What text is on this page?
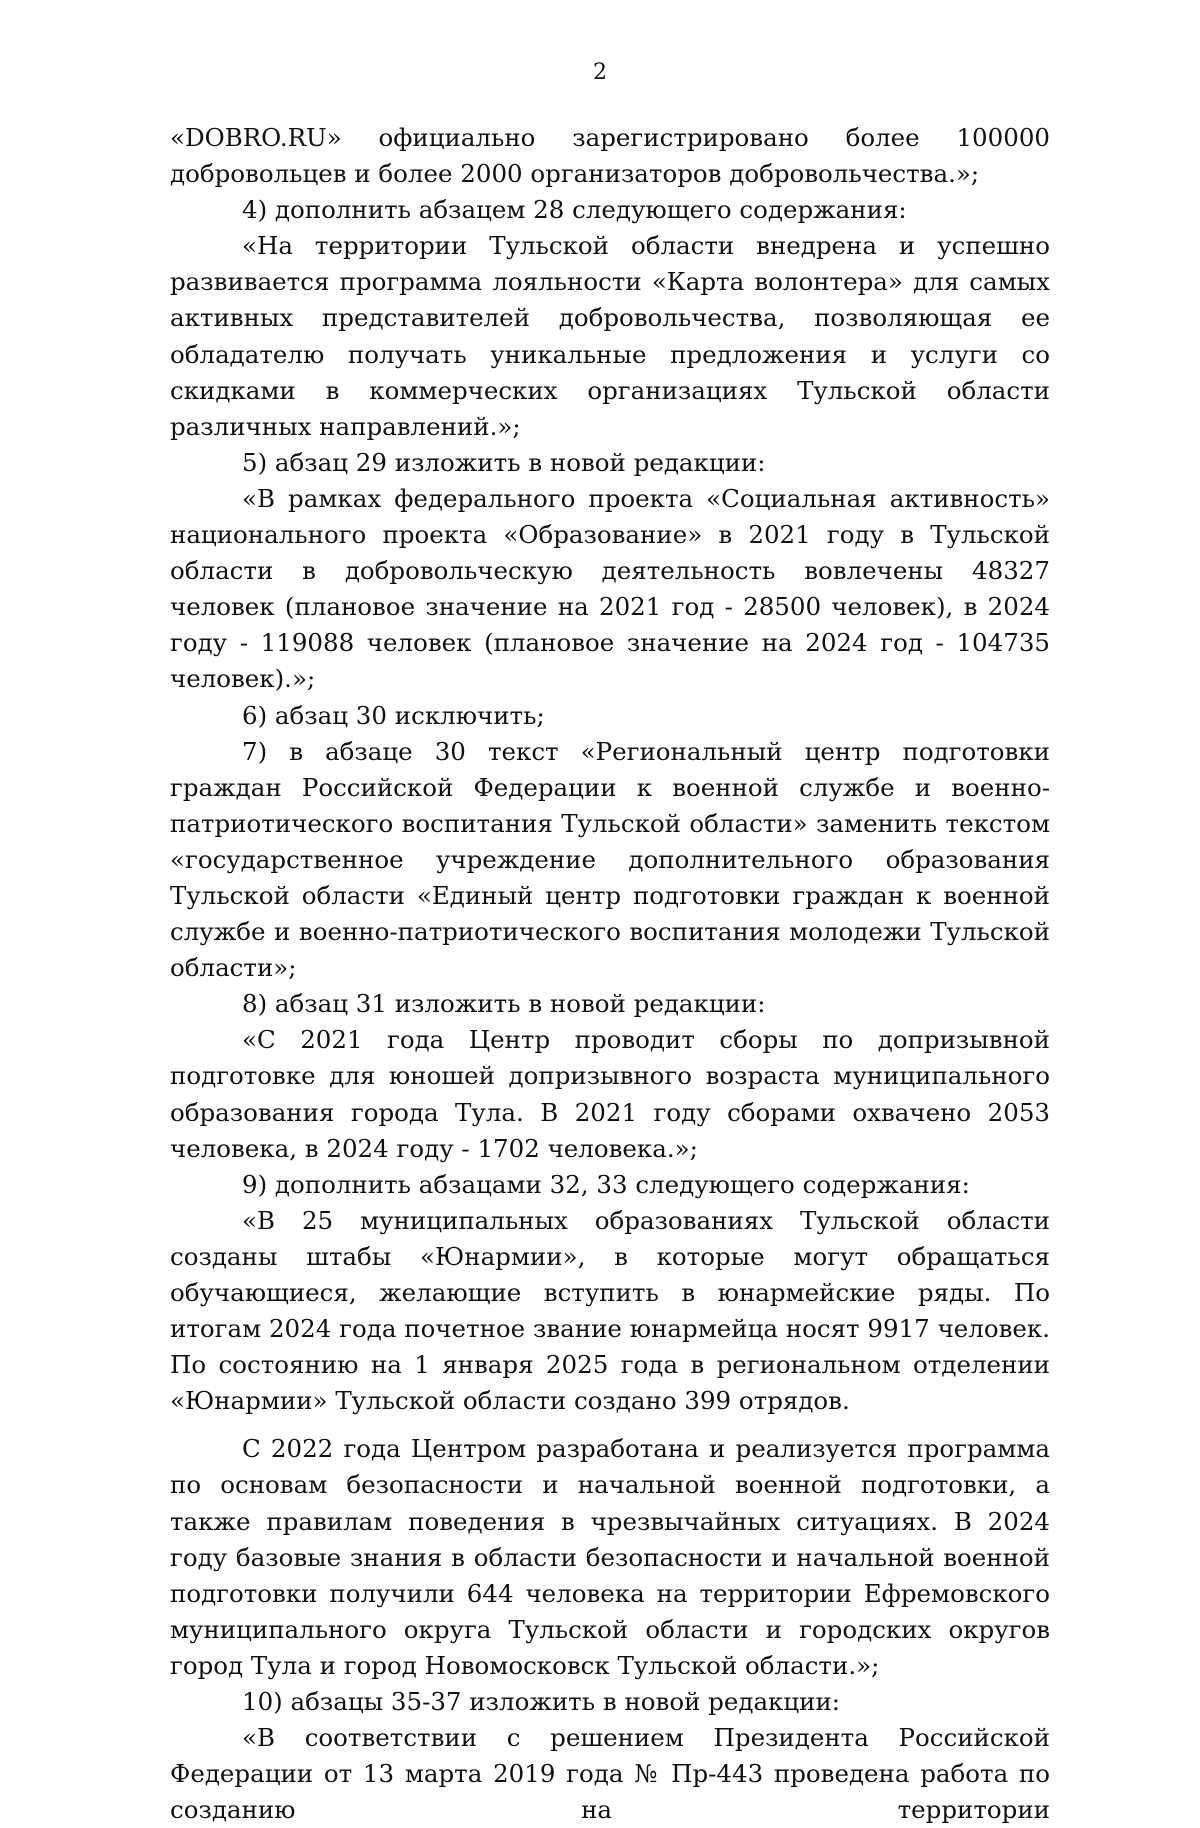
2

«DOBRO.RU» официально зарегистрировано более 100000 добровольцев и более 2000 организаторов добровольчества.»;

4) дополнить абзацем 28 следующего содержания:

«На территории Тульской области внедрена и успешно развивается программа лояльности «Карта волонтера» для самых активных представителей добровольчества, позволяющая ее обладателю получать уникальные предложения и услуги со скидками в коммерческих организациях Тульской области различных направлений.»;

5) абзац 29 изложить в новой редакции:

«В рамках федерального проекта «Социальная активность» национального проекта «Образование» в 2021 году в Тульской области в добровольческую деятельность вовлечены 48327 человек (плановое значение на 2021 год - 28500 человек), в 2024 году - 119088 человек (плановое значение на 2024 год - 104735 человек).»;

6) абзац 30 исключить;

7) в абзаце 30 текст «Региональный центр подготовки граждан Российской Федерации к военной службе и военно-патриотического воспитания Тульской области» заменить текстом «государственное учреждение дополнительного образования Тульской области «Единый центр подготовки граждан к военной службе и военно-патриотического воспитания молодежи Тульской области»;

8) абзац 31 изложить в новой редакции:

«С 2021 года Центр проводит сборы по допризывной подготовке для юношей допризывного возраста муниципального образования города Тула. В 2021 году сборами охвачено 2053 человека, в 2024 году - 1702 человека.»;

9) дополнить абзацами 32, 33 следующего содержания:

«В 25 муниципальных образованиях Тульской области созданы штабы «Юнармии», в которые могут обращаться обучающиеся, желающие вступить в юнармейские ряды. По итогам 2024 года почетное звание юнармейца носят 9917 человек. По состоянию на 1 января 2025 года в региональном отделении «Юнармии» Тульской области создано 399 отрядов.

С 2022 года Центром разработана и реализуется программа по основам безопасности и начальной военной подготовки, а также правилам поведения в чрезвычайных ситуациях. В 2024 году базовые знания в области безопасности и начальной военной подготовки получили 644 человека на территории Ефремовского муниципального округа Тульской области и городских округов город Тула и город Новомосковск Тульской области.»;

10) абзацы 35-37 изложить в новой редакции:

«В соответствии с решением Президента Российской Федерации от 13 марта 2019 года № Пр-443 проведена работа по созданию на территории
